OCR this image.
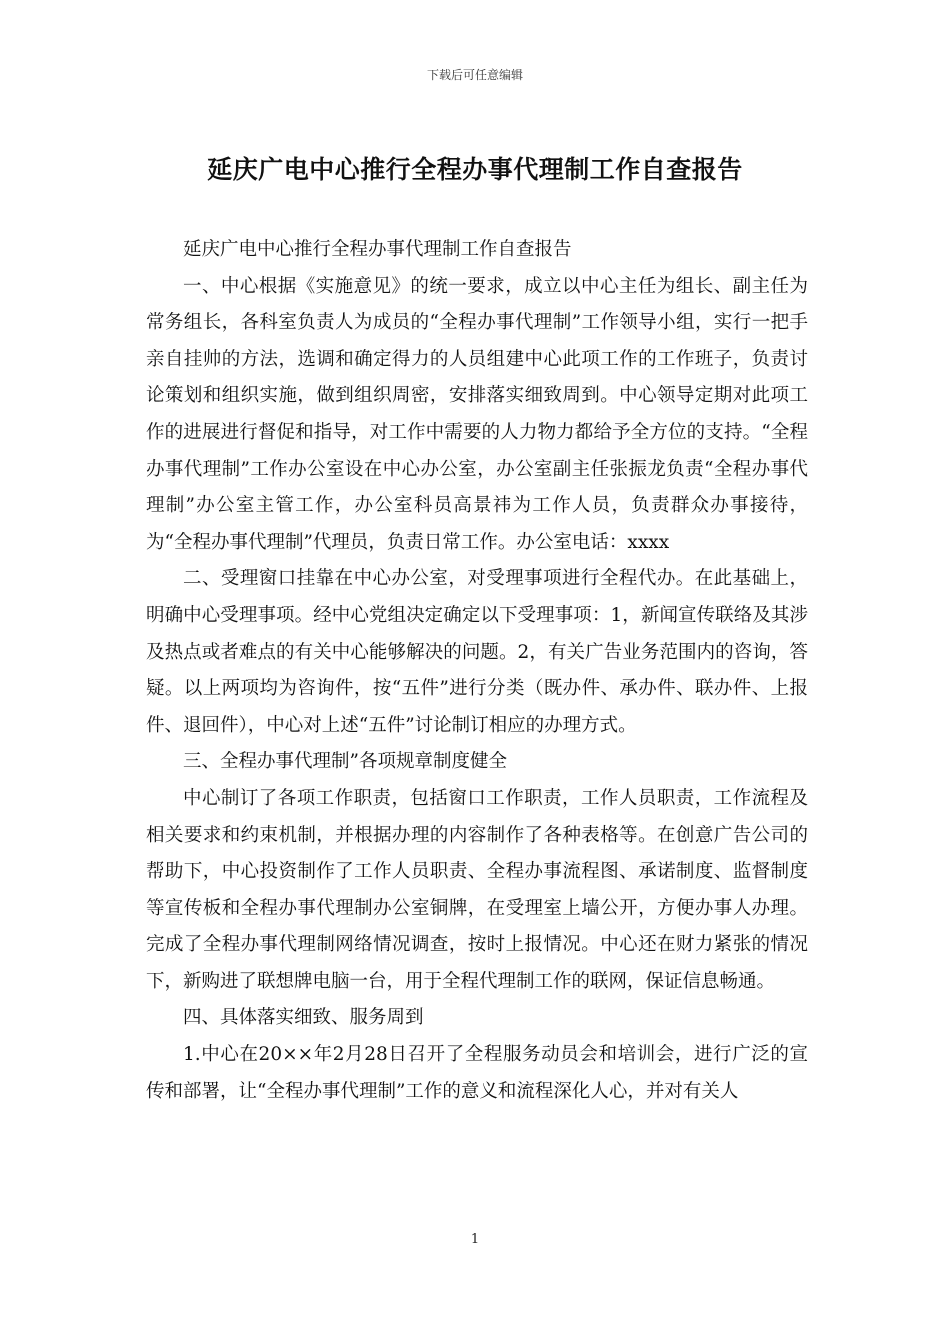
下载后可任意编辑
延庆广电中心推行全程办事代理制工作自查报告

延庆广电中心推行全程办事代理制工作自查报告

一、中心根据《实施意见》的统一要求，成立以中心主任为组长、副主任为常务组长，各科室负责人为成员的“全程办事代理制”工作领导小组，实行一把手亲自挂帅的方法，选调和确定得力的人员组建中心此项工作的工作班子，负责讨论策划和组织实施，做到组织周密，安排落实细致周到。中心领导定期对此项工作的进展进行督促和指导，对工作中需要的人力物力都给予全方位的支持。“全程办事代理制”工作办公室设在中心办公室，办公室副主任张振龙负责“全程办事代理制”办公室主管工作，办公室科员高景祎为工作人员，负责群众办事接待，为“全程办事代理制”代理员，负责日常工作。办公室电话：xxxx

二、受理窗口挂靠在中心办公室，对受理事项进行全程代办。在此基础上，明确中心受理事项。经中心党组决定确定以下受理事项：1，新闻宣传联络及其涉及热点或者难点的有关中心能够解决的问题。2，有关广告业务范围内的咨询，答疑。以上两项均为咨询件，按“五件”进行分类（既办件、承办件、联办件、上报件、退回件），中心对上述“五件”讨论制订相应的办理方式。

三、全程办事代理制”各项规章制度健全

中心制订了各项工作职责，包括窗口工作职责，工作人员职责，工作流程及相关要求和约束机制，并根据办理的内容制作了各种表格等。在创意广告公司的帮助下，中心投资制作了工作人员职责、全程办事流程图、承诺制度、监督制度等宣传板和全程办事代理制办公室铜牌，在受理室上墙公开，方便办事人办理。完成了全程办事代理制网络情况调查，按时上报情况。中心还在财力紧张的情况下，新购进了联想牌电脑一台，用于全程代理制工作的联网，保证信息畅通。

四、具体落实细致、服务周到

1.中心在20××年2月28日召开了全程服务动员会和培训会，进行广泛的宣传和部署，让“全程办事代理制”工作的意义和流程深化人心，并对有关人

1
